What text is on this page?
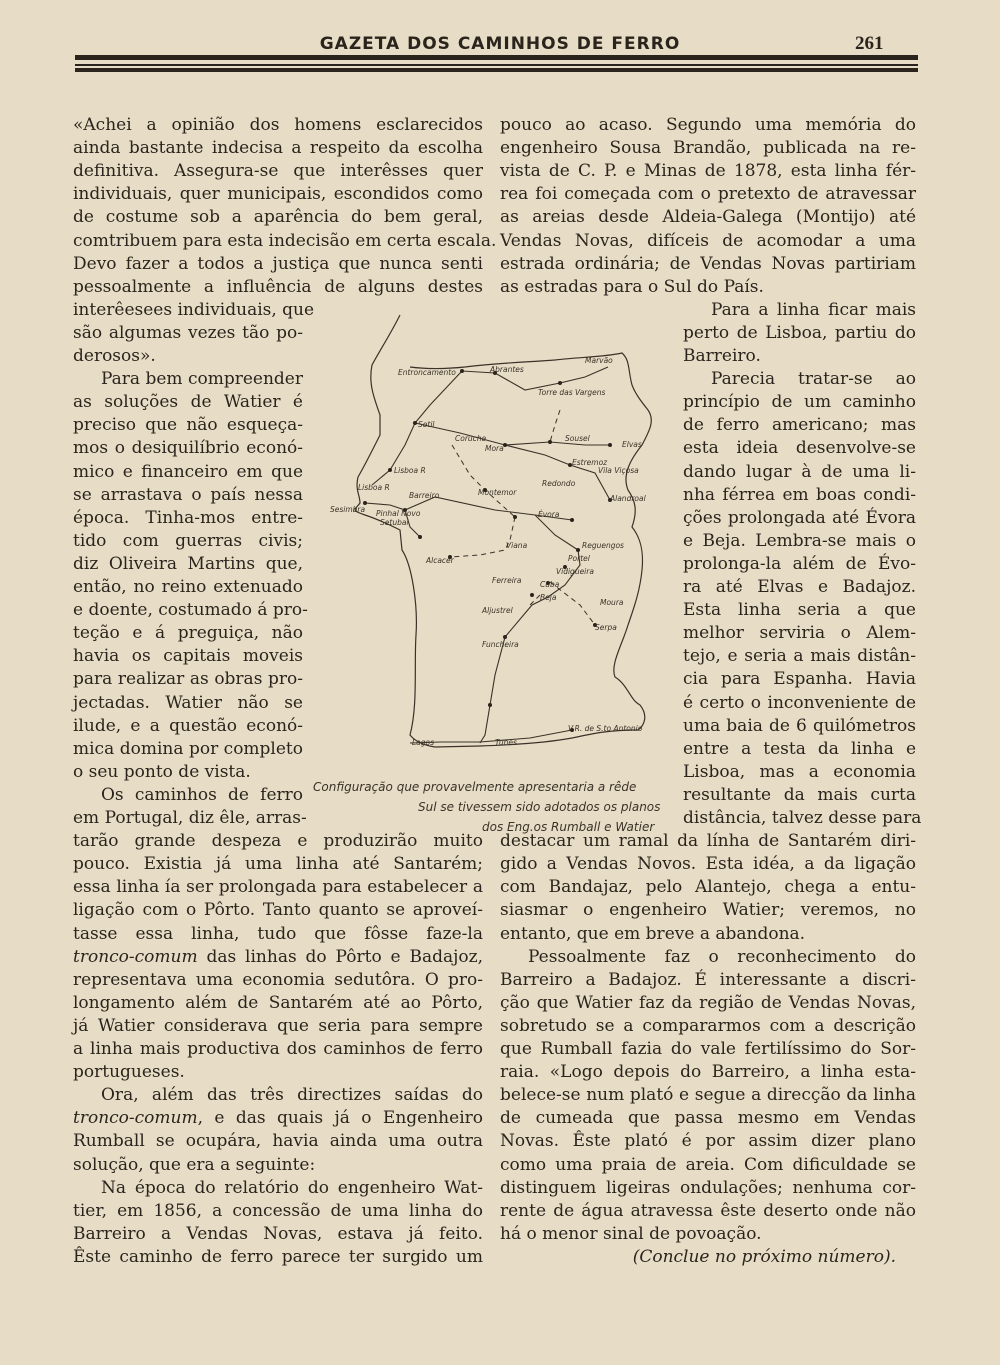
GAZETA DOS CAMINHOS DE FERRO	261
«Achei a opinião dos homens esclarecidos
ainda bastante indecisa a respeito da escolha
definitiva. Assegura-se que interêsses quer
individuais, quer municipais, escondidos como
de costume sob a aparência do bem geral,
comtribuem para esta indecisão em certa escala.
Devo fazer a todos a justiça que nunca senti
pessoalmente a influência de alguns destes
interêesees individuais, que
são algumas vezes tão po-
derosos».
Para bem compreender
as soluções de Watier é
preciso que não esqueça-
mos o desiquilíbrio econó-
mico e financeiro em que
se arrastava o país nessa
época. Tinha-mos entre-
tido com guerras civis;
diz Oliveira Martins que,
então, no reino extenuado
e doente, costumado á pro-
teção e á preguiça, não
havia os capitais moveis
para realizar as obras pro-
jectadas. Watier não se
ilude, e a questão econó-
mica domina por completo
o seu ponto de vista.
Os caminhos de ferro
em Portugal, diz êle, arras-
tarão grande despeza e produzirão muito
pouco. Existia já uma linha até Santarém;
essa linha ía ser prolongada para estabelecer a
ligação com o Pôrto. Tanto quanto se aproveí-
tasse essa linha, tudo que fôsse faze-la
tronco-comum das linhas do Pôrto e Badajoz,
representava uma economia sedutôra. O pro-
longamento além de Santarém até ao Pôrto,
já Watier considerava que seria para sempre
a linha mais productiva dos caminhos de ferro
portugueses.
Ora, além das três directizes saídas do
tronco-comum, e das quais já o Engenheiro
Rumball se ocupára, havia ainda uma outra
solução, que era a seguinte:
Na época do relatório do engenheiro Wat-
tier, em 1856, a concessão de uma linha do
Barreiro a Vendas Novas, estava já feito.
Êste caminho de ferro parece ter surgido um
pouco ao acaso. Segundo uma memória do
engenheiro Sousa Brandão, publicada na re-
vista de C. P. e Minas de 1878, esta linha fér-
rea foi começada com o pretexto de atravessar
as areias desde Aldeia-Galega (Montijo) até
Vendas Novas, difíceis de acomodar a uma
estrada ordinária; de Vendas Novas partiriam
as estradas para o Sul do País.
Para a linha ficar mais
perto de Lisboa, partiu do
Barreiro.
Parecia tratar-se ao
princípio de um caminho
de ferro americano; mas
esta ideia desenvolve-se
dando lugar à de uma li-
nha férrea em boas condi-
ções prolongada até Évora
e Beja. Lembra-se mais o
prolonga-la além de Évo-
ra até Elvas e Badajoz.
Esta linha seria a que
melhor serviria o Alem-
tejo, e seria a mais distân-
cia para Espanha. Havia
é certo o inconveniente de
uma baia de 6 quilómetros
entre a testa da linha e
Lisboa, mas a economia
resultante da mais curta
distância, talvez desse para
destacar um ramal da línha de Santarém diri-
gido a Vendas Novos. Esta idéa, a da ligação
com Bandajaz, pelo Alantejo, chega a entu-
siasmar o engenheiro Watier; veremos, no
entanto, que em breve a abandona.
Pessoalmente faz o reconhecimento do
Barreiro a Badajoz. É interessante a discri-
ção que Watier faz da região de Vendas Novas,
sobretudo se a compararmos com a descrição
que Rumball fazia do vale fertilíssimo do Sor-
raia. «Logo depois do Barreiro, a linha esta-
belece-se num plató e segue a direcção da linha
de cumeada que passa mesmo em Vendas
Novas. Êste plató é por assim dizer plano
como uma praia de areia. Com dificuldade se
distinguem ligeiras ondulações; nenhuma cor-
rente de água atravessa êste deserto onde não
há o menor sinal de povoação.
(Conclue no próximo número).
Entroncamento	Abrantes
Marvão
Torre das Vargens
Setil
Coruche
Mora
Sousel
Elvas
Estremoz
Vila Viçosa
Redondo
Alandroal
Lisboa R
Lisboa R
Barreiro	Montemor
Évora
Sesimbra Pinhal Novo
Setubal
Reguengos
Portel
Alcacer
Viana
Vidigueira
Ferreira Cuba
Beja
Moura
Aljustrel
Serpa
Funcheira
V.R. de S.to Antonio
Lagos	Tunes
Configuração que provavelmente apresentaria a rêde
Sul se tivessem sido adotados os planos
dos Eng.os Rumball e Watier
